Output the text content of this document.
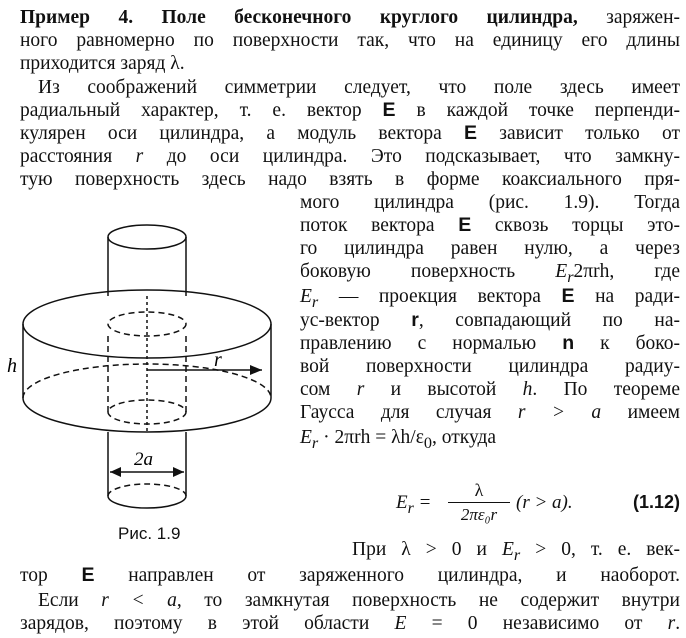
Пример 4. Поле бесконечного круглого цилиндра, заряжен-
ного равномерно по поверхности так, что на единицу его длины
приходится заряд λ.
Из соображений симметрии следует, что поле здесь имеет
радиальный характер, т. е. вектор E в каждой точке перпенди-
кулярен оси цилиндра, а модуль вектора E зависит только от
расстояния r до оси цилиндра. Это подсказывает, что замкну-
тую поверхность здесь надо взять в форме коаксиального пря-
мого цилиндра (рис. 1.9). Тогда
поток вектора E сквозь торцы это-
го цилиндра равен нулю, а через
боковую поверхность $E_r2\pi rh$, где
$E_r$ — проекция вектора E на ради-
ус-вектор r, совпадающий по на-
правлению с нормалью n к боко-
вой поверхности цилиндра радиу-
сом r и высотой h. По теореме
Гаусса для случая r > a имеем
$E_r \cdot 2\pi rh = \lambda h/\varepsilon_0$, откуда
$E_r$ =
λ
2πε₀r
(r > a).	(1.12)
h	r
2a
Рис. 1.9
При λ > 0 и $E_r > 0$, т. е. век-
тор E направлен от заряженного цилиндра, и наоборот.
Если r < a, то замкнутая поверхность не содержит внутри
зарядов, поэтому в этой области E = 0 независимо от r.
